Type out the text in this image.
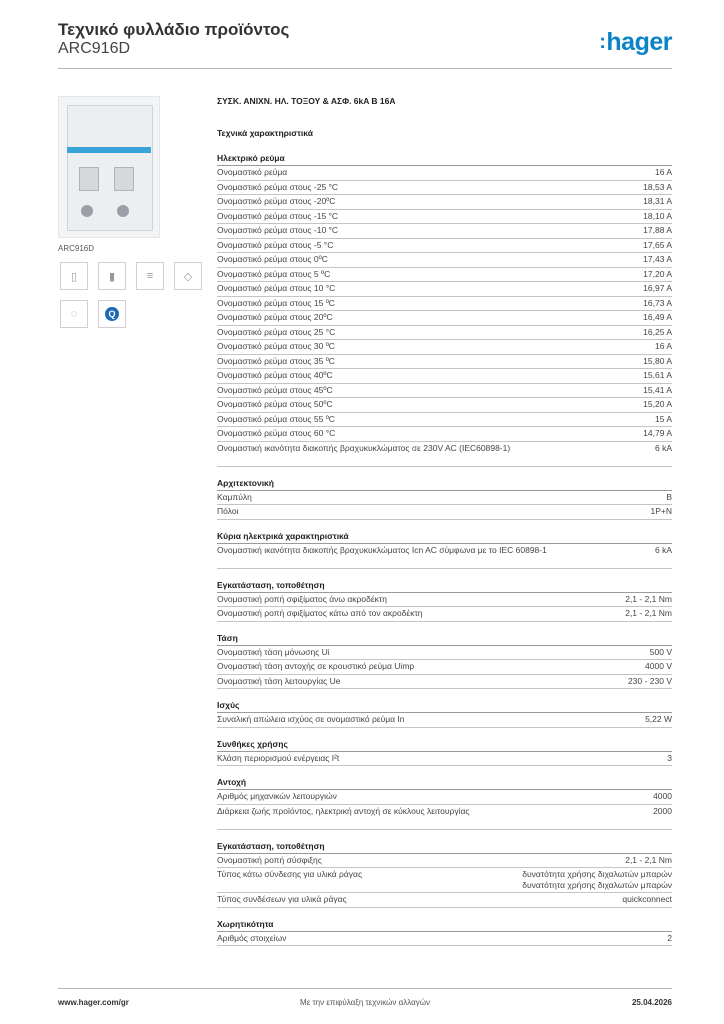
Τεχνικό φυλλάδιο προϊόντος
ARC916D	:hager
ARC916D
▯	▮	≡	◇
◌	Q
ΣΥΣΚ. ΑΝΙΧΝ. ΗΛ. ΤΟΞΟΥ & ΑΣΦ. 6kA B 16A
Τεχνικά χαρακτηριστικά
Ηλεκτρικό ρεύμα
Ονομαστικό ρεύμα	16 A
Ονομαστικό ρεύμα στους -25 °C	18,53 A
Ονομαστικό ρεύμα στους -20ºC	18,31 A
Ονομαστικό ρεύμα στους -15 °C	18,10 A
Ονομαστικό ρεύμα στους -10 °C	17,88 A
Ονομαστικό ρεύμα στους -5 °C	17,65 A
Ονομαστικό ρεύμα στους 0ºC	17,43 A
Ονομαστικό ρεύμα στους 5 ºC	17,20 A
Ονομαστικό ρεύμα στους 10 °C	16,97 A
Ονομαστικό ρεύμα στους 15 ºC	16,73 A
Ονομαστικό ρεύμα στους 20ºC	16,49 A
Ονομαστικό ρεύμα στους 25 °C	16,25 A
Ονομαστικό ρεύμα στους 30 ºC	16 A
Ονομαστικό ρεύμα στους 35 ºC	15,80 A
Ονομαστικό ρεύμα στους 40ºC	15,61 A
Ονομαστικό ρεύμα στους 45ºC	15,41 A
Ονομαστικό ρεύμα στους 50ºC	15,20 A
Ονομαστικό ρεύμα στους 55 ºC	15 A
Ονομαστικό ρεύμα στους 60 °C	14,79 A
Ονομαστική ικανότητα διακοπής βραχυκυκλώματος σε 230V AC (IEC60898-1)	6 kA
Αρχιτεκτονική
Καμπύλη	B
Πόλοι	1P+N
Κύρια ηλεκτρικά χαρακτηριστικά
Ονομαστική ικανότητα διακοπής βραχυκυκλώματος Icn AC σύμφωνα με το IEC 60898-1	6 kA
Εγκατάσταση, τοποθέτηση
Ονομαστική ροπή σφιξίματος άνω ακροδέκτη	2,1 - 2,1 Nm
Ονομαστική ροπή σφιξίματος κάτω από τον ακροδέκτη	2,1 - 2,1 Nm
Τάση
Ονομαστική τάση μόνωσης Ui	500 V
Ονομαστική τάση αντοχής σε κρουστικό ρεύμα Uimp	4000 V
Ονομαστική τάση λειτουργίας Ue	230 - 230 V
Ισχύς
Συναλική απώλεια ισχύος σε ονομαστικό ρεύμα In	5,22 W
Συνθήκες χρήσης
Κλάση περιορισμού ενέργειας I²t	3
Αντοχή
Αριθμός μηχανικών λειτουργιών	4000
Διάρκεια ζωής προϊόντος, ηλεκτρική αντοχή σε κύκλους λειτουργίας	2000
Εγκατάσταση, τοποθέτηση
Ονομαστική ροπή σύσφιξης	2,1 - 2,1 Nm
Τύπος κάτω σύνδεσης για υλικά ράγας	δυνατότητα χρήσης διχαλωτών μπαρών δυνατότητα χρήσης διχαλωτών μπαρών
Τύπος συνδέσεων για υλικά ράγας	quickconnect
Χωρητικότητα
Αριθμός στοιχείων	2
www.hager.com/gr	Με την επιφύλαξη τεχνικών αλλαγών	25.04.2026
